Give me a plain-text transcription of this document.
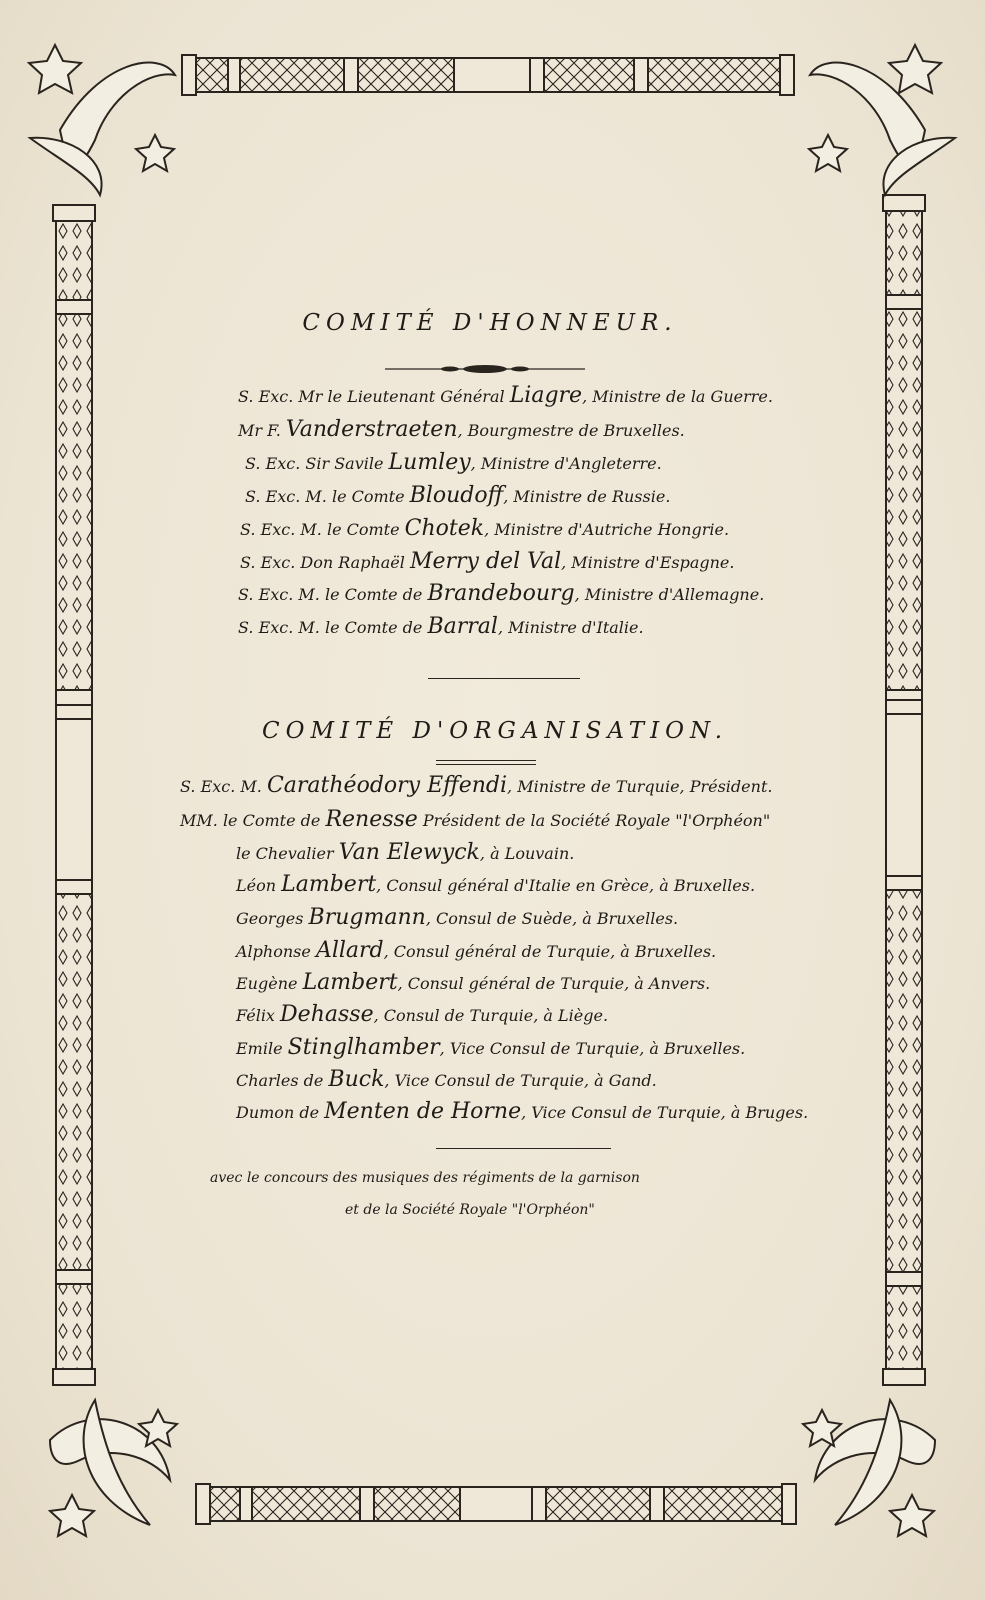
COMITÉ D'HONNEUR.
S. Exc. Mr le Lieutenant Général Liagre, Ministre de la Guerre.
Mr F. Vanderstraeten, Bourgmestre de Bruxelles.
S. Exc. Sir Savile Lumley, Ministre d'Angleterre.
S. Exc. M. le Comte Bloudoff, Ministre de Russie.
S. Exc. M. le Comte Chotek, Ministre d'Autriche Hongrie.
S. Exc. Don Raphaël Merry del Val, Ministre d'Espagne.
S. Exc. M. le Comte de Brandebourg, Ministre d'Allemagne.
S. Exc. M. le Comte de Barral, Ministre d'Italie.
COMITÉ D'ORGANISATION.
S. Exc. M. Carathéodory Effendi, Ministre de Turquie, Président.
MM. le Comte de Renesse Président de la Société Royale "l'Orphéon"
le Chevalier Van Elewyck, à Louvain.
Léon Lambert, Consul général d'Italie en Grèce, à Bruxelles.
Georges Brugmann, Consul de Suède, à Bruxelles.
Alphonse Allard, Consul général de Turquie, à Bruxelles.
Eugène Lambert, Consul général de Turquie, à Anvers.
Félix Dehasse, Consul de Turquie, à Liège.
Emile Stinglhamber, Vice Consul de Turquie, à Bruxelles.
Charles de Buck, Vice Consul de Turquie, à Gand.
Dumon de Menten de Horne, Vice Consul de Turquie, à Bruges.
avec le concours des musiques des régiments de la garnison
et de la Société Royale "l'Orphéon"
